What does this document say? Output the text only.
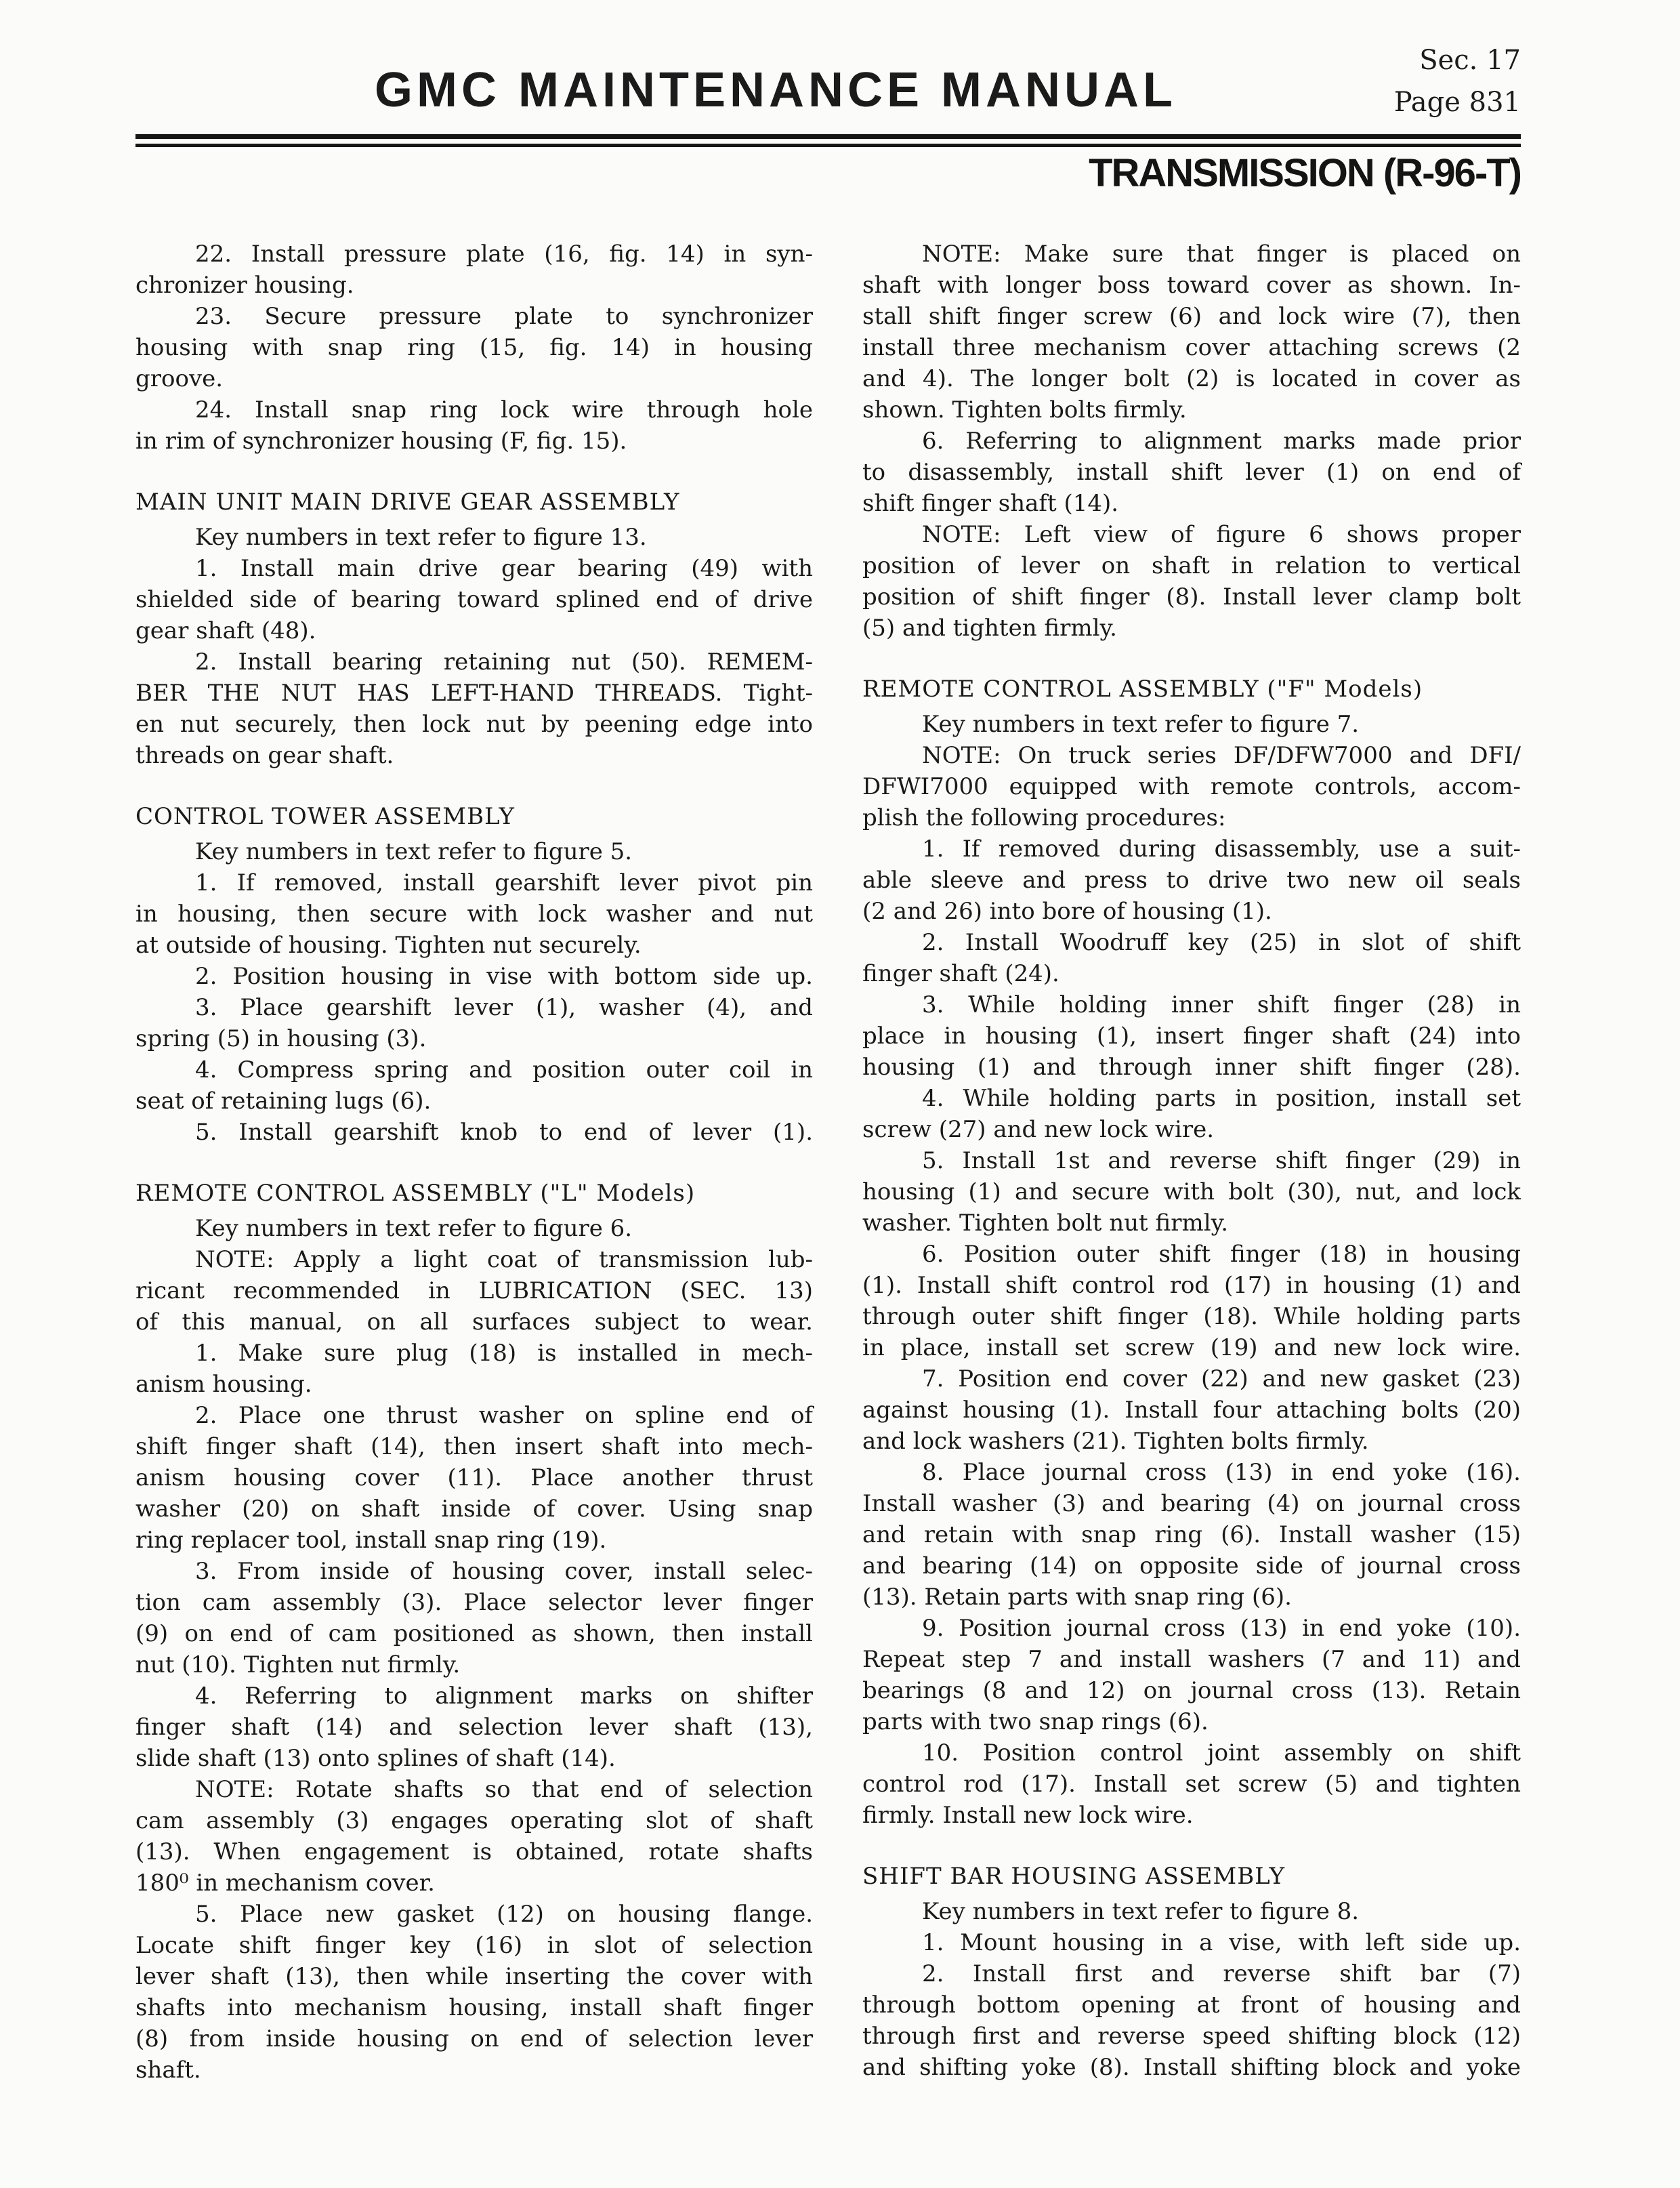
Sec. 17
Page 831
GMC MAINTENANCE MANUAL
TRANSMISSION (R-96-T)
22. Install pressure plate (16, fig. 14) in syn-
chronizer housing.
23. Secure pressure plate to synchronizer
housing with snap ring (15, fig. 14) in housing
groove.
24. Install snap ring lock wire through hole
in rim of synchronizer housing (F, fig. 15).
MAIN UNIT MAIN DRIVE GEAR ASSEMBLY
Key numbers in text refer to figure 13.
1. Install main drive gear bearing (49) with
shielded side of bearing toward splined end of drive
gear shaft (48).
2. Install bearing retaining nut (50). REMEM-
BER THE NUT HAS LEFT-HAND THREADS. Tight-
en nut securely, then lock nut by peening edge into
threads on gear shaft.
CONTROL TOWER ASSEMBLY
Key numbers in text refer to figure 5.
1. If removed, install gearshift lever pivot pin
in housing, then secure with lock washer and nut
at outside of housing. Tighten nut securely.
2. Position housing in vise with bottom side up.
3. Place gearshift lever (1), washer (4), and
spring (5) in housing (3).
4. Compress spring and position outer coil in
seat of retaining lugs (6).
5. Install gearshift knob to end of lever (1).
REMOTE CONTROL ASSEMBLY ("L" Models)
Key numbers in text refer to figure 6.
NOTE: Apply a light coat of transmission lub-
ricant recommended in LUBRICATION (SEC. 13)
of this manual, on all surfaces subject to wear.
1. Make sure plug (18) is installed in mech-
anism housing.
2. Place one thrust washer on spline end of
shift finger shaft (14), then insert shaft into mech-
anism housing cover (11). Place another thrust
washer (20) on shaft inside of cover. Using snap
ring replacer tool, install snap ring (19).
3. From inside of housing cover, install selec-
tion cam assembly (3). Place selector lever finger
(9) on end of cam positioned as shown, then install
nut (10). Tighten nut firmly.
4. Referring to alignment marks on shifter
finger shaft (14) and selection lever shaft (13),
slide shaft (13) onto splines of shaft (14).
NOTE: Rotate shafts so that end of selection
cam assembly (3) engages operating slot of shaft
(13). When engagement is obtained, rotate shafts
180⁰ in mechanism cover.
5. Place new gasket (12) on housing flange.
Locate shift finger key (16) in slot of selection
lever shaft (13), then while inserting the cover with
shafts into mechanism housing, install shaft finger
(8) from inside housing on end of selection lever
shaft.
NOTE: Make sure that finger is placed on
shaft with longer boss toward cover as shown. In-
stall shift finger screw (6) and lock wire (7), then
install three mechanism cover attaching screws (2
and 4). The longer bolt (2) is located in cover as
shown. Tighten bolts firmly.
6. Referring to alignment marks made prior
to disassembly, install shift lever (1) on end of
shift finger shaft (14).
NOTE: Left view of figure 6 shows proper
position of lever on shaft in relation to vertical
position of shift finger (8). Install lever clamp bolt
(5) and tighten firmly.
REMOTE CONTROL ASSEMBLY ("F" Models)
Key numbers in text refer to figure 7.
NOTE: On truck series DF/DFW7000 and DFI/
DFWI7000 equipped with remote controls, accom-
plish the following procedures:
1. If removed during disassembly, use a suit-
able sleeve and press to drive two new oil seals
(2 and 26) into bore of housing (1).
2. Install Woodruff key (25) in slot of shift
finger shaft (24).
3. While holding inner shift finger (28) in
place in housing (1), insert finger shaft (24) into
housing (1) and through inner shift finger (28).
4. While holding parts in position, install set
screw (27) and new lock wire.
5. Install 1st and reverse shift finger (29) in
housing (1) and secure with bolt (30), nut, and lock
washer. Tighten bolt nut firmly.
6. Position outer shift finger (18) in housing
(1). Install shift control rod (17) in housing (1) and
through outer shift finger (18). While holding parts
in place, install set screw (19) and new lock wire.
7. Position end cover (22) and new gasket (23)
against housing (1). Install four attaching bolts (20)
and lock washers (21). Tighten bolts firmly.
8. Place journal cross (13) in end yoke (16).
Install washer (3) and bearing (4) on journal cross
and retain with snap ring (6). Install washer (15)
and bearing (14) on opposite side of journal cross
(13). Retain parts with snap ring (6).
9. Position journal cross (13) in end yoke (10).
Repeat step 7 and install washers (7 and 11) and
bearings (8 and 12) on journal cross (13). Retain
parts with two snap rings (6).
10. Position control joint assembly on shift
control rod (17). Install set screw (5) and tighten
firmly. Install new lock wire.
SHIFT BAR HOUSING ASSEMBLY
Key numbers in text refer to figure 8.
1. Mount housing in a vise, with left side up.
2. Install first and reverse shift bar (7)
through bottom opening at front of housing and
through first and reverse speed shifting block (12)
and shifting yoke (8). Install shifting block and yoke
